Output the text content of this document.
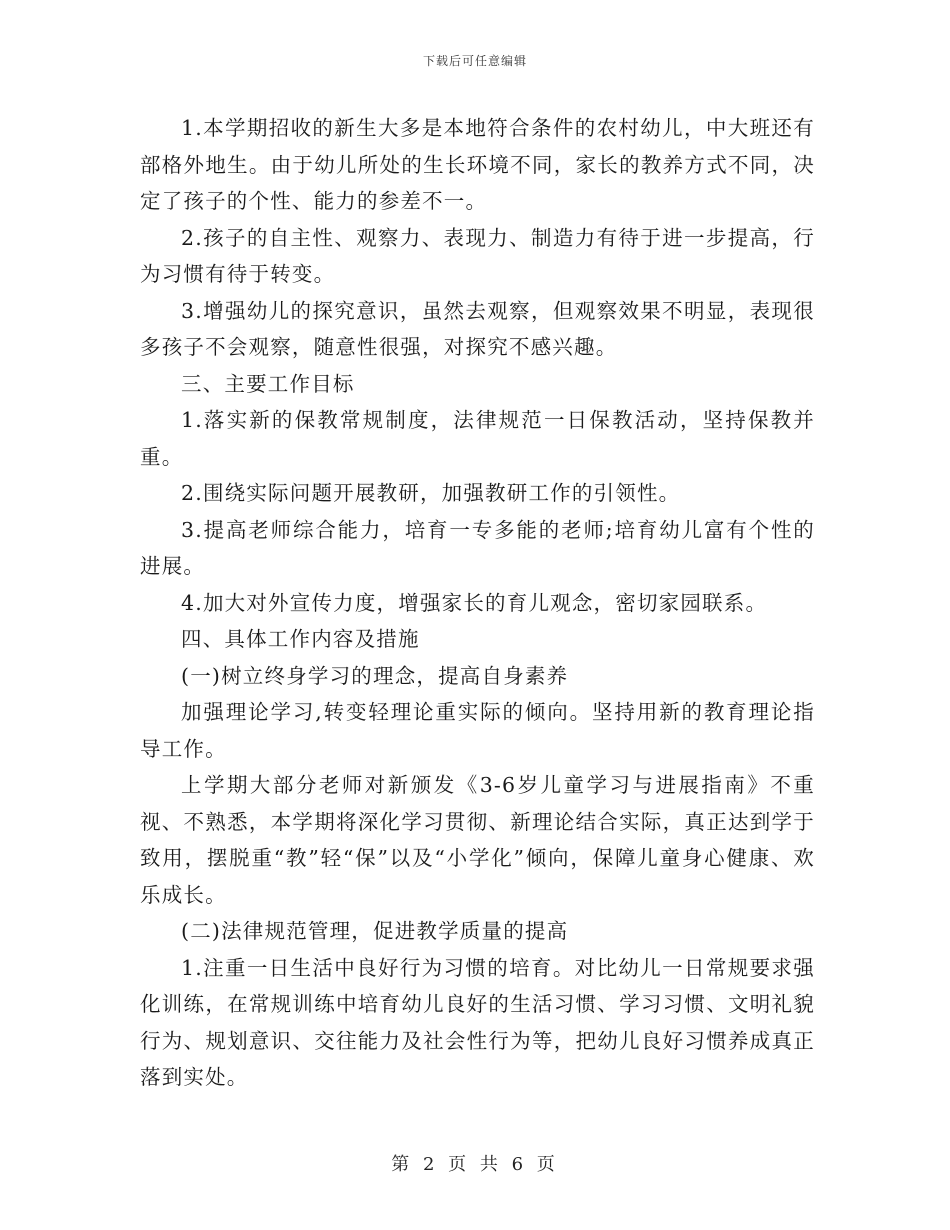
下载后可任意编辑

1.本学期招收的新生大多是本地符合条件的农村幼儿，中大班还有部格外地生。由于幼儿所处的生长环境不同，家长的教养方式不同，决定了孩子的个性、能力的参差不一。

2.孩子的自主性、观察力、表现力、制造力有待于进一步提高，行为习惯有待于转变。

3.增强幼儿的探究意识，虽然去观察，但观察效果不明显，表现很多孩子不会观察，随意性很强，对探究不感兴趣。

三、主要工作目标

1.落实新的保教常规制度，法律规范一日保教活动，坚持保教并重。

2.围绕实际问题开展教研，加强教研工作的引领性。

3.提高老师综合能力，培育一专多能的老师;培育幼儿富有个性的进展。

4.加大对外宣传力度，增强家长的育儿观念，密切家园联系。

四、具体工作内容及措施

(一)树立终身学习的理念，提高自身素养

加强理论学习,转变轻理论重实际的倾向。坚持用新的教育理论指导工作。

上学期大部分老师对新颁发《3-6岁儿童学习与进展指南》不重视、不熟悉，本学期将深化学习贯彻、新理论结合实际，真正达到学于致用，摆脱重“教”轻“保”以及“小学化”倾向，保障儿童身心健康、欢乐成长。

(二)法律规范管理，促进教学质量的提高

1.注重一日生活中良好行为习惯的培育。对比幼儿一日常规要求强化训练，在常规训练中培育幼儿良好的生活习惯、学习习惯、文明礼貌行为、规划意识、交往能力及社会性行为等，把幼儿良好习惯养成真正落到实处。

第 2 页 共 6 页
